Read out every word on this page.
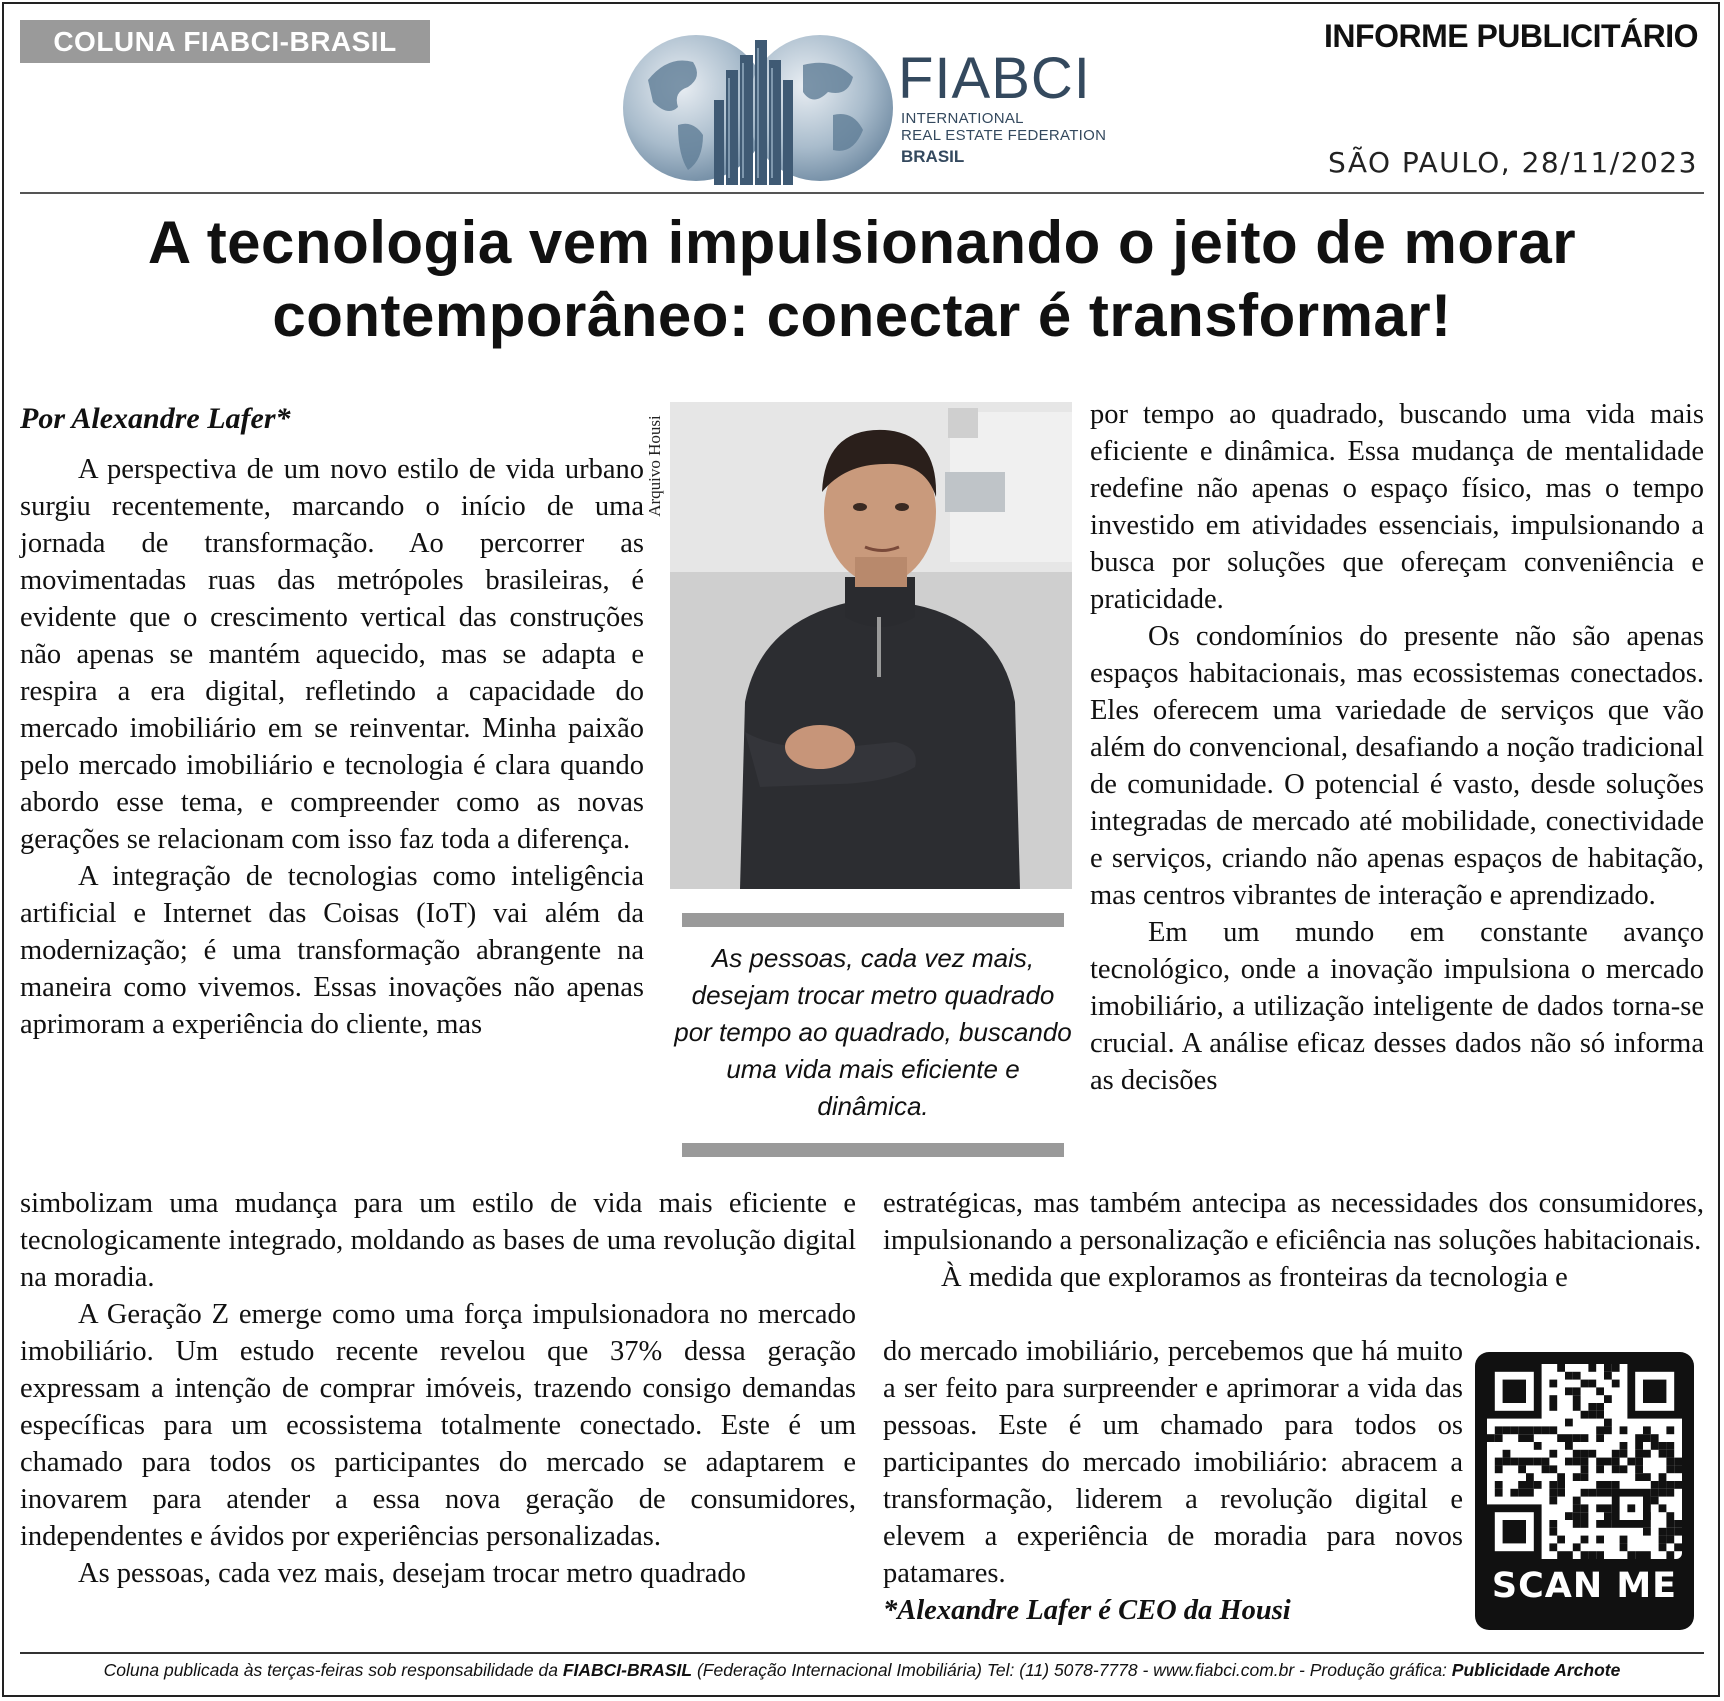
COLUNA FIABCI-BRASIL	INFORME PUBLICITÁRIO
SÃO PAULO, 28/11/2023
FIABCI
INTERNATIONAL
REAL ESTATE FEDERATION
BRASIL
A tecnologia vem impulsionando o jeito de morar
contemporâneo: conectar é transformar!

Por Alexandre Lafer*

A perspectiva de um novo estilo de vida urbano surgiu recentemente, marcando o início de uma jornada de transformação. Ao percorrer as movimentadas ruas das metrópoles brasileiras, é evidente que o crescimento vertical das construções não apenas se mantém aquecido, mas se adapta e respira a era digital, refletindo a capacidade do mercado imobiliário em se reinventar. Minha paixão pelo mercado imobiliário e tecnologia é clara quando abordo esse tema, e compreender como as novas gerações se relacionam com isso faz toda a diferença.

A integração de tecnologias como inteligência artificial e Internet das Coisas (IoT) vai além da modernização; é uma transformação abrangente na maneira como vivemos. Essas inovações não apenas aprimoram a experiência do cliente, mas

simbolizam uma mudança para um estilo de vida mais eficiente e tecnologicamente integrado, moldando as bases de uma revolução digital na moradia.

A Geração Z emerge como uma força impulsionadora no mercado imobiliário. Um estudo recente revelou que 37% dessa geração expressam a intenção de comprar imóveis, trazendo consigo demandas específicas para um ecossistema totalmente conectado. Este é um chamado para todos os participantes do mercado se adaptarem e inovarem para atender a essa nova geração de consumidores, independentes e ávidos por experiências personalizadas.

As pessoas, cada vez mais, desejam trocar metro quadrado

Arquivo Housi
As pessoas, cada vez mais, desejam trocar metro quadrado por tempo ao quadrado, buscando uma vida mais eficiente e dinâmica.

por tempo ao quadrado, buscando uma vida mais eficiente e dinâmica. Essa mudança de mentalidade redefine não apenas o espaço físico, mas o tempo investido em atividades essenciais, impulsionando a busca por soluções que ofereçam conveniência e praticidade.

Os condomínios do presente não são apenas espaços habitacionais, mas ecossistemas conectados. Eles oferecem uma variedade de serviços que vão além do convencional, desafiando a noção tradicional de comunidade. O potencial é vasto, desde soluções integradas de mercado até mobilidade, conectividade e serviços, criando não apenas espaços de habitação, mas centros vibrantes de interação e aprendizado.

Em um mundo em constante avanço tecnológico, onde a inovação impulsiona o mercado imobiliário, a utilização inteligente de dados torna-se crucial. A análise eficaz desses dados não só informa as decisões

estratégicas, mas também antecipa as necessidades dos consumidores, impulsionando a personalização e eficiência nas soluções habitacionais.

À medida que exploramos as fronteiras da tecnologia e

do mercado imobiliário, percebemos que há muito a ser feito para surpreender e aprimorar a vida das pessoas. Este é um chamado para todos os participantes do mercado imobiliário: abracem a transformação, liderem a revolução digital e elevem a experiência de moradia para novos patamares.

*Alexandre Lafer é CEO da Housi

SCAN ME
Coluna publicada às terças-feiras sob responsabilidade da FIABCI-BRASIL (Federação Internacional Imobiliária) Tel: (11) 5078-7778 - www.fiabci.com.br - Produção gráfica: Publicidade Archote
